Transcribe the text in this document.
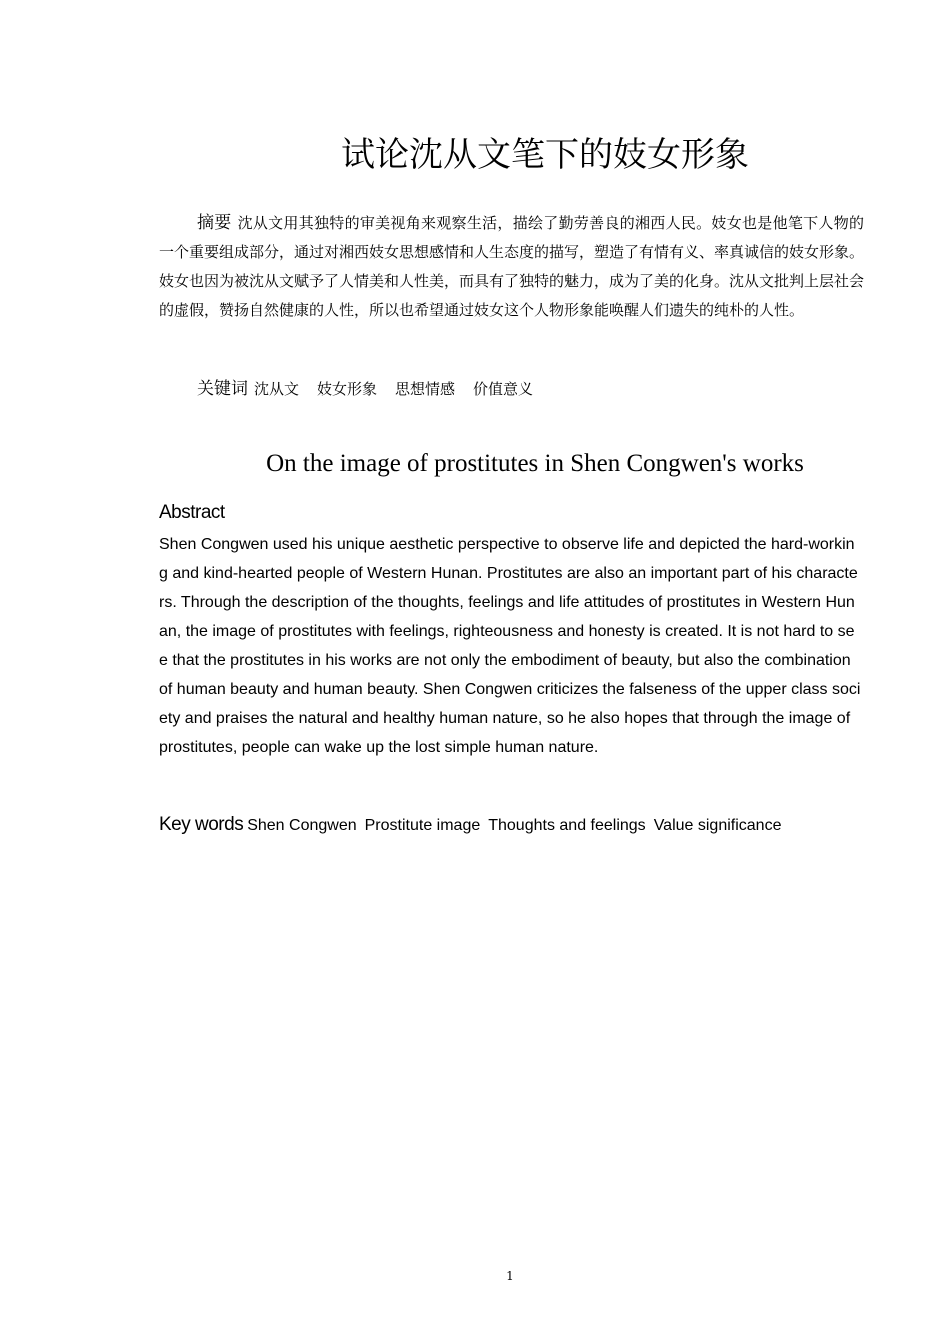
试论沈从文笔下的妓女形象

摘要 沈从文用其独特的审美视角来观察生活，描绘了勤劳善良的湘西人民。妓女也是他笔下人物的一个重要组成部分，通过对湘西妓女思想感情和人生态度的描写，塑造了有情有义、率真诚信的妓女形象。妓女也因为被沈从文赋予了人情美和人性美，而具有了独特的魅力，成为了美的化身。沈从文批判上层社会的虚假，赞扬自然健康的人性，所以也希望通过妓女这个人物形象能唤醒人们遗失的纯朴的人性。

关键词 沈从文 妓女形象 思想情感 价值意义

On the image of prostitutes in Shen Congwen's works
Abstract

Shen Congwen used his unique aesthetic perspective to observe life and depicted the hard-working and kind-hearted people of Western Hunan. Prostitutes are also an important part of his characters. Through the description of the thoughts, feelings and life attitudes of prostitutes in Western Hunan, the image of prostitutes with feelings, righteousness and honesty is created. It is not hard to see that the prostitutes in his works are not only the embodiment of beauty, but also the combination of human beauty and human beauty. Shen Congwen criticizes the falseness of the upper class society and praises the natural and healthy human nature, so he also hopes that through the image of prostitutes, people can wake up the lost simple human nature.

Key words Shen Congwen Prostitute image Thoughts and feelings Value significance

1
